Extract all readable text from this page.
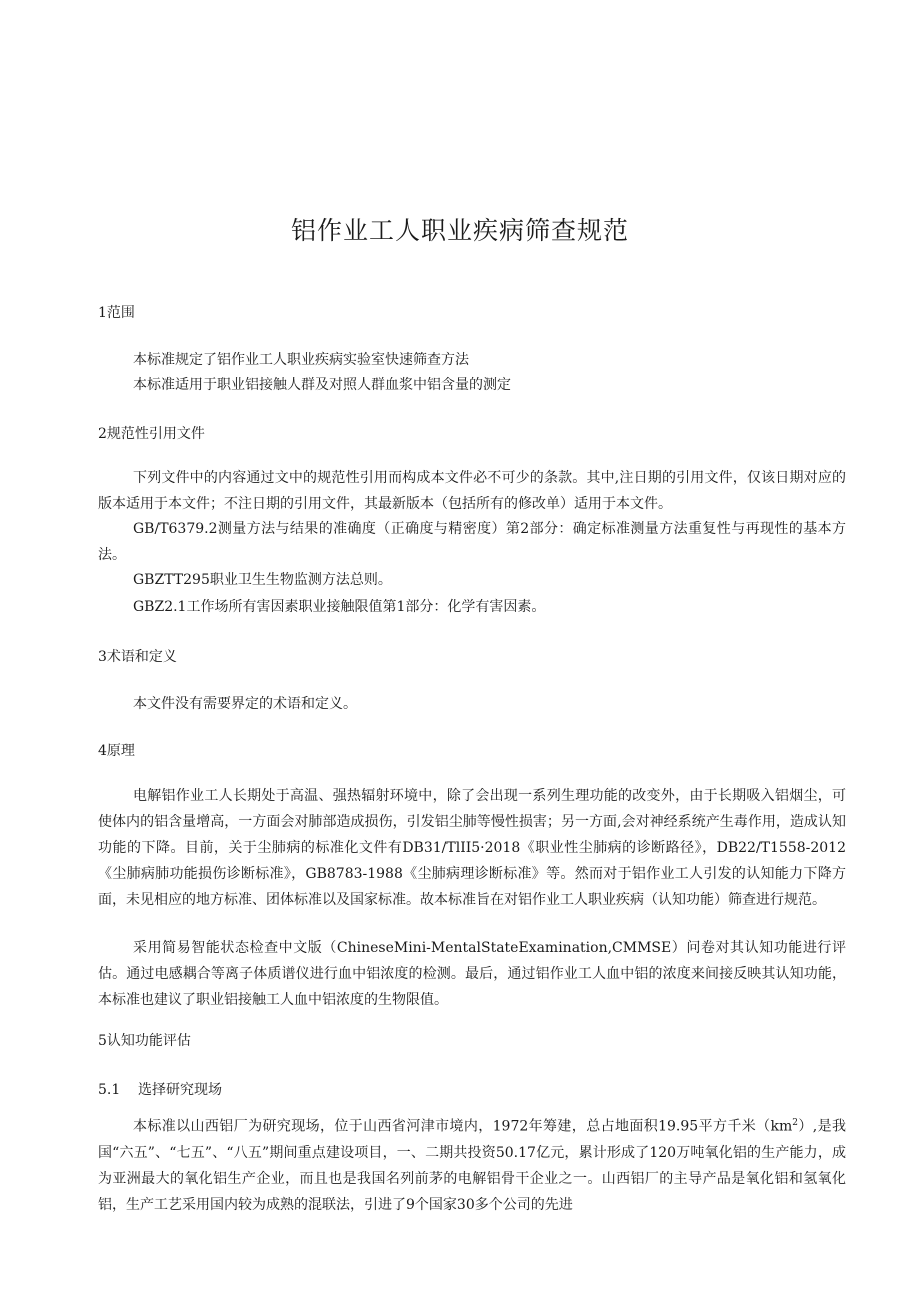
铝作业工人职业疾病筛查规范
1范围
本标准规定了铝作业工人职业疾病实验室快速筛查方法
本标准适用于职业铝接触人群及对照人群血浆中铝含量的测定
2规范性引用文件

下列文件中的内容通过文中的规范性引用而构成本文件必不可少的条款。其中,注日期的引用文件，仅该日期对应的版本适用于本文件；不注日期的引用文件，其最新版本（包括所有的修改单）适用于本文件。

GB/T6379.2测量方法与结果的准确度（正确度与精密度）第2部分：确定标准测量方法重复性与再现性的基本方法。

GBZTT295职业卫生生物监测方法总则。
GBZ2.1工作场所有害因素职业接触限值第1部分：化学有害因素。
3术语和定义
本文件没有需要界定的术语和定义。
4原理

电解铝作业工人长期处于高温、强热辐射环境中，除了会出现一系列生理功能的改变外，由于长期吸入铝烟尘，可使体内的铝含量增高，一方面会对肺部造成损伤，引发铝尘肺等慢性损害；另一方面,会对神经系统产生毒作用，造成认知功能的下降。目前，关于尘肺病的标准化文件有DB31/TlII5·2018《职业性尘肺病的诊断路径》，DB22/T1558-2012《尘肺病肺功能损伤诊断标准》，GB8783-1988《尘肺病理诊断标准》等。然而对于铝作业工人引发的认知能力下降方面，未见相应的地方标准、团体标准以及国家标准。故本标准旨在对铝作业工人职业疾病（认知功能）筛查进行规范。

采用简易智能状态检查中文版（ChineseMini-MentalStateExamination,CMMSE）问卷对其认知功能进行评估。通过电感耦合等离子体质谱仪进行血中铝浓度的检测。最后，通过铝作业工人血中铝的浓度来间接反映其认知功能，本标准也建议了职业铝接触工人血中铝浓度的生物限值。

5认知功能评估
5.1 选择研究现场

本标准以山西铝厂为研究现场，位于山西省河津市境内，1972年筹建，总占地面积19.95平方千米$(km^2)$,是我国“六五”、“七五”、“八五”期间重点建设项目，一、二期共投资50.17亿元，累计形成了120万吨氧化铝的生产能力，成为亚洲最大的氧化铝生产企业，而且也是我国名列前茅的电解铝骨干企业之一。山西铝厂的主导产品是氧化铝和氢氧化铝，生产工艺采用国内较为成熟的混联法，引进了9个国家30多个公司的先进
